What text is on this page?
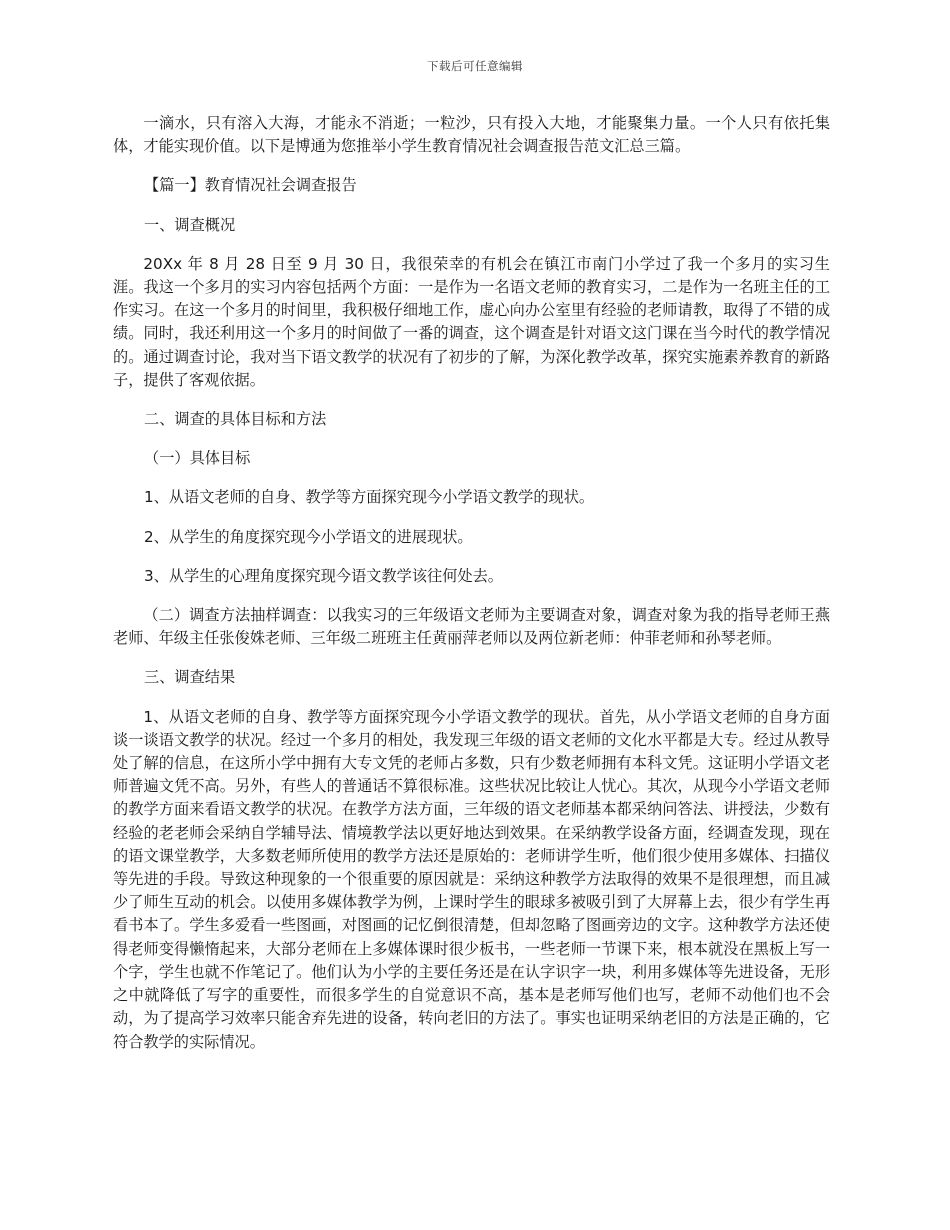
下载后可任意编辑

一滴水，只有溶入大海，才能永不消逝；一粒沙，只有投入大地，才能聚集力量。一个人只有依托集体，才能实现价值。以下是博通为您推举小学生教育情况社会调查报告范文汇总三篇。

【篇一】教育情况社会调查报告

一、调查概况

20Xx 年 8 月 28 日至 9 月 30 日，我很荣幸的有机会在镇江市南门小学过了我一个多月的实习生涯。我这一个多月的实习内容包括两个方面：一是作为一名语文老师的教育实习，二是作为一名班主任的工作实习。在这一个多月的时间里，我积极仔细地工作，虚心向办公室里有经验的老师请教，取得了不错的成绩。同时，我还利用这一个多月的时间做了一番的调查，这个调查是针对语文这门课在当今时代的教学情况的。通过调查讨论，我对当下语文教学的状况有了初步的了解，为深化教学改革，探究实施素养教育的新路子，提供了客观依据。

二、调查的具体目标和方法

（一）具体目标

1、从语文老师的自身、教学等方面探究现今小学语文教学的现状。

2、从学生的角度探究现今小学语文的进展现状。

3、从学生的心理角度探究现今语文教学该往何处去。

（二）调查方法抽样调查：以我实习的三年级语文老师为主要调查对象，调查对象为我的指导老师王燕老师、年级主任张俊姝老师、三年级二班班主任黄丽萍老师以及两位新老师：仲菲老师和孙琴老师。

三、调查结果

1、从语文老师的自身、教学等方面探究现今小学语文教学的现状。首先，从小学语文老师的自身方面谈一谈语文教学的状况。经过一个多月的相处，我发现三年级的语文老师的文化水平都是大专。经过从教导处了解的信息，在这所小学中拥有大专文凭的老师占多数，只有少数老师拥有本科文凭。这证明小学语文老师普遍文凭不高。另外，有些人的普通话不算很标准。这些状况比较让人忧心。其次，从现今小学语文老师的教学方面来看语文教学的状况。在教学方法方面，三年级的语文老师基本都采纳问答法、讲授法，少数有经验的老老师会采纳自学辅导法、情境教学法以更好地达到效果。在采纳教学设备方面，经调查发现，现在的语文课堂教学，大多数老师所使用的教学方法还是原始的：老师讲学生听，他们很少使用多媒体、扫描仪等先进的手段。导致这种现象的一个很重要的原因就是：采纳这种教学方法取得的效果不是很理想，而且减少了师生互动的机会。以使用多媒体教学为例，上课时学生的眼球多被吸引到了大屏幕上去，很少有学生再看书本了。学生多爱看一些图画，对图画的记忆倒很清楚，但却忽略了图画旁边的文字。这种教学方法还使得老师变得懒惰起来，大部分老师在上多媒体课时很少板书，一些老师一节课下来，根本就没在黑板上写一个字，学生也就不作笔记了。他们认为小学的主要任务还是在认字识字一块，利用多媒体等先进设备，无形之中就降低了写字的重要性，而很多学生的自觉意识不高，基本是老师写他们也写，老师不动他们也不会动，为了提高学习效率只能舍弃先进的设备，转向老旧的方法了。事实也证明采纳老旧的方法是正确的，它符合教学的实际情况。
